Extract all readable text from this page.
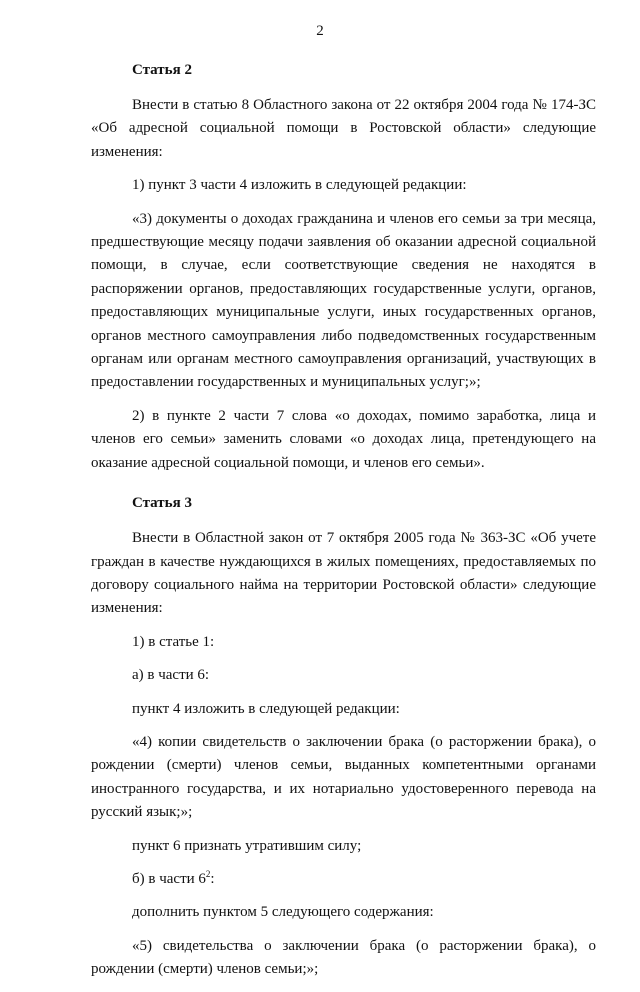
2

Статья 2

Внести в статью 8 Областного закона от 22 октября 2004 года № 174-ЗС «Об адресной социальной помощи в Ростовской области» следующие изменения:

1) пункт 3 части 4 изложить в следующей редакции:

«3) документы о доходах гражданина и членов его семьи за три месяца, предшествующие месяцу подачи заявления об оказании адресной социальной помощи, в случае, если соответствующие сведения не находятся в распоряжении органов, предоставляющих государственные услуги, органов, предоставляющих муниципальные услуги, иных государственных органов, органов местного самоуправления либо подведомственных государственным органам или органам местного самоуправления организаций, участвующих в предоставлении государственных и муниципальных услуг;»;

2) в пункте 2 части 7 слова «о доходах, помимо заработка, лица и членов его семьи» заменить словами «о доходах лица, претендующего на оказание адресной социальной помощи, и членов его семьи».

Статья 3

Внести в Областной закон от 7 октября 2005 года № 363-ЗС «Об учете граждан в качестве нуждающихся в жилых помещениях, предоставляемых по договору социального найма на территории Ростовской области» следующие изменения:

1) в статье 1:

а) в части 6:

пункт 4 изложить в следующей редакции:

«4) копии свидетельств о заключении брака (о расторжении брака), о рождении (смерти) членов семьи, выданных компетентными органами иностранного государства, и их нотариально удостоверенного перевода на русский язык;»;

пункт 6 признать утратившим силу;

б) в части $6^2$:

дополнить пунктом 5 следующего содержания:

«5) свидетельства о заключении брака (о расторжении брака), о рождении (смерти) членов семьи;»;
